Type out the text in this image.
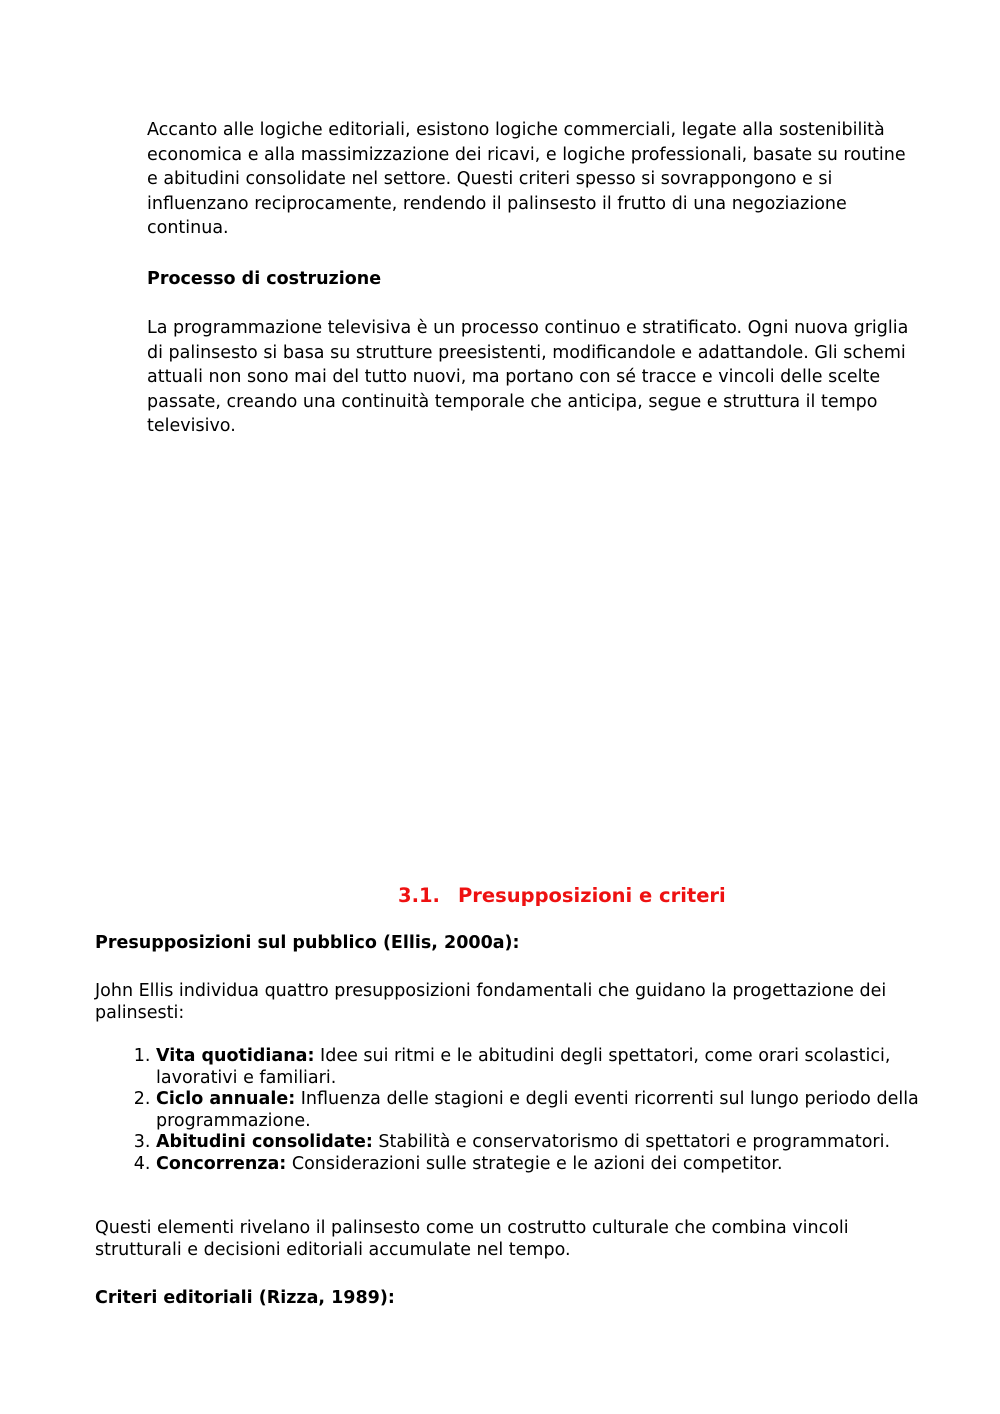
Accanto alle logiche editoriali, esistono logiche commerciali, legate alla sostenibilità economica e alla massimizzazione dei ricavi, e logiche professionali, basate su routine e abitudini consolidate nel settore. Questi criteri spesso si sovrappongono e si influenzano reciprocamente, rendendo il palinsesto il frutto di una negoziazione continua.

Processo di costruzione

La programmazione televisiva è un processo continuo e stratificato. Ogni nuova griglia di palinsesto si basa su strutture preesistenti, modificandole e adattandole. Gli schemi attuali non sono mai del tutto nuovi, ma portano con sé tracce e vincoli delle scelte passate, creando una continuità temporale che anticipa, segue e struttura il tempo televisivo.

3.1. Presupposizioni e criteri

Presupposizioni sul pubblico (Ellis, 2000a):

John Ellis individua quattro presupposizioni fondamentali che guidano la progettazione dei palinsesti:

1. Vita quotidiana: Idee sui ritmi e le abitudini degli spettatori, come orari scolastici, lavorativi e familiari.
2. Ciclo annuale: Influenza delle stagioni e degli eventi ricorrenti sul lungo periodo della programmazione.
3. Abitudini consolidate: Stabilità e conservatorismo di spettatori e programmatori.
4. Concorrenza: Considerazioni sulle strategie e le azioni dei competitor.

Questi elementi rivelano il palinsesto come un costrutto culturale che combina vincoli strutturali e decisioni editoriali accumulate nel tempo.

Criteri editoriali (Rizza, 1989):
